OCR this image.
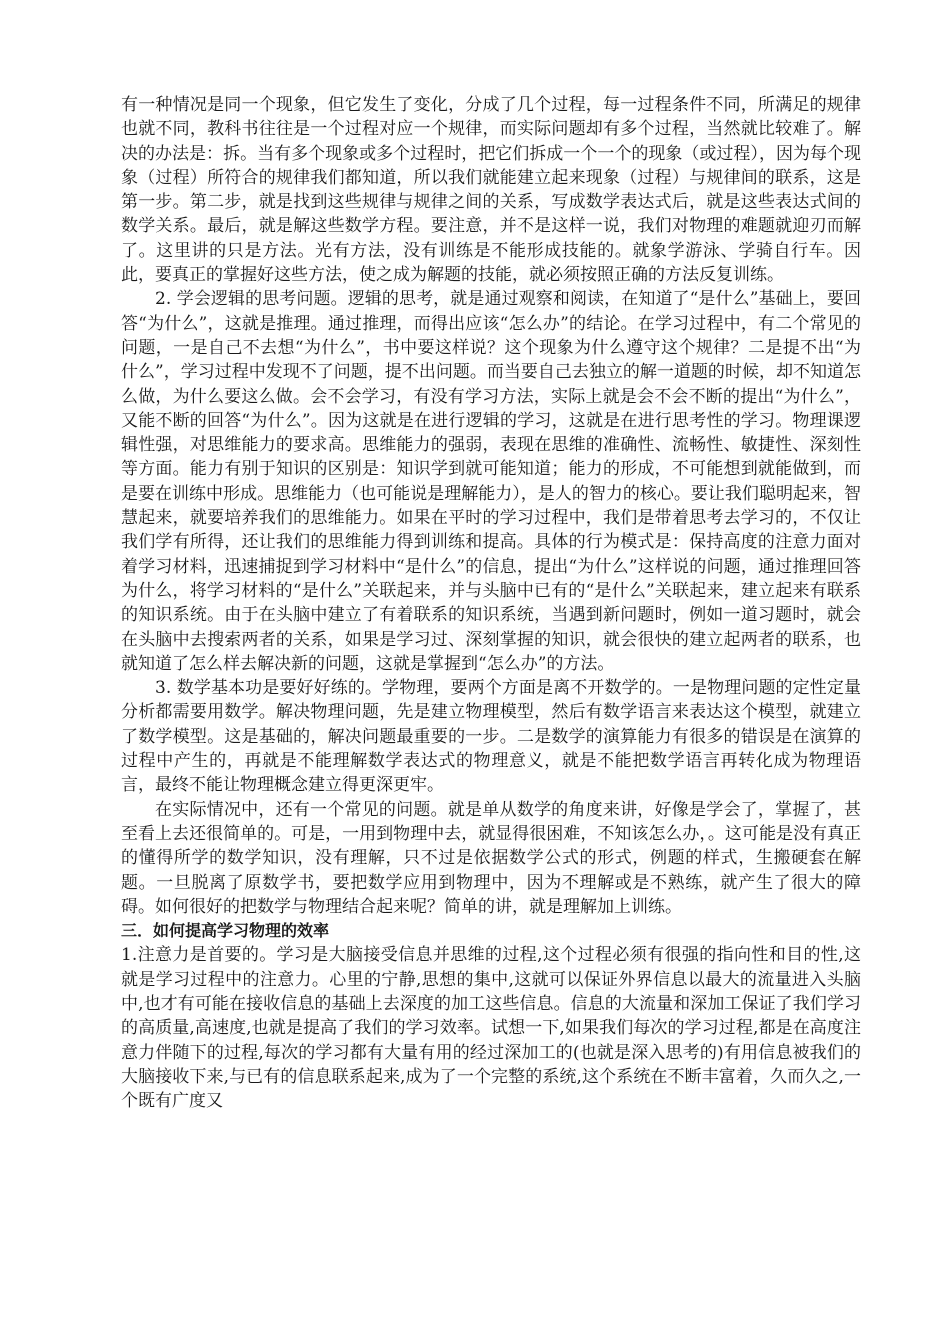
有一种情况是同一个现象，但它发生了变化，分成了几个过程，每一过程条件不同，所满足的规律也就不同，教科书往往是一个过程对应一个规律，而实际问题却有多个过程，当然就比较难了。解决的办法是：拆。当有多个现象或多个过程时，把它们拆成一个一个的现象（或过程），因为每个现象（过程）所符合的规律我们都知道，所以我们就能建立起来现象（过程）与规律间的联系，这是第一步。第二步，就是找到这些规律与规律之间的关系，写成数学表达式后，就是这些表达式间的数学关系。最后，就是解这些数学方程。要注意，并不是这样一说，我们对物理的难题就迎刃而解了。这里讲的只是方法。光有方法，没有训练是不能形成技能的。就象学游泳、学骑自行车。因此，要真正的掌握好这些方法，使之成为解题的技能，就必须按照正确的方法反复训练。

2. 学会逻辑的思考问题。逻辑的思考，就是通过观察和阅读，在知道了“是什么”基础上，要回答“为什么”，这就是推理。通过推理，而得出应该“怎么办”的结论。在学习过程中，有二个常见的问题，一是自己不去想“为什么”，书中要这样说？这个现象为什么遵守这个规律？二是提不出“为什么”，学习过程中发现不了问题，提不出问题。而当要自己去独立的解一道题的时候，却不知道怎么做，为什么要这么做。会不会学习，有没有学习方法，实际上就是会不会不断的提出“为什么”，又能不断的回答“为什么”。因为这就是在进行逻辑的学习，这就是在进行思考性的学习。物理课逻辑性强，对思维能力的要求高。思维能力的强弱，表现在思维的准确性、流畅性、敏捷性、深刻性等方面。能力有别于知识的区别是：知识学到就可能知道；能力的形成，不可能想到就能做到，而是要在训练中形成。思维能力（也可能说是理解能力），是人的智力的核心。要让我们聪明起来，智慧起来，就要培养我们的思维能力。如果在平时的学习过程中，我们是带着思考去学习的，不仅让我们学有所得，还让我们的思维能力得到训练和提高。具体的行为模式是：保持高度的注意力面对着学习材料，迅速捕捉到学习材料中“是什么”的信息，提出“为什么”这样说的问题，通过推理回答为什么，将学习材料的“是什么”关联起来，并与头脑中已有的“是什么”关联起来，建立起来有联系的知识系统。由于在头脑中建立了有着联系的知识系统，当遇到新问题时，例如一道习题时，就会在头脑中去搜索两者的关系，如果是学习过、深刻掌握的知识，就会很快的建立起两者的联系，也就知道了怎么样去解决新的问题，这就是掌握到“怎么办”的方法。

3. 数学基本功是要好好练的。学物理，要两个方面是离不开数学的。一是物理问题的定性定量分析都需要用数学。解决物理问题，先是建立物理模型，然后有数学语言来表达这个模型，就建立了数学模型。这是基础的，解决问题最重要的一步。二是数学的演算能力有很多的错误是在演算的过程中产生的，再就是不能理解数学表达式的物理意义，就是不能把数学语言再转化成为物理语言，最终不能让物理概念建立得更深更牢。

在实际情况中，还有一个常见的问题。就是单从数学的角度来讲，好像是学会了，掌握了，甚至看上去还很简单的。可是，一用到物理中去，就显得很困难，不知该怎么办，。这可能是没有真正的懂得所学的数学知识，没有理解，只不过是依据数学公式的形式，例题的样式，生搬硬套在解题。一旦脱离了原数学书，要把数学应用到物理中，因为不理解或是不熟练，就产生了很大的障碍。如何很好的把数学与物理结合起来呢？简单的讲，就是理解加上训练。

三．如何提高学习物理的效率

1.注意力是首要的。学习是大脑接受信息并思维的过程,这个过程必须有很强的指向性和目的性,这就是学习过程中的注意力。心里的宁静,思想的集中,这就可以保证外界信息以最大的流量进入头脑中,也才有可能在接收信息的基础上去深度的加工这些信息。信息的大流量和深加工保证了我们学习的高质量,高速度,也就是提高了我们的学习效率。试想一下,如果我们每次的学习过程,都是在高度注意力伴随下的过程,每次的学习都有大量有用的经过深加工的(也就是深入思考的)有用信息被我们的大脑接收下来,与已有的信息联系起来,成为了一个完整的系统,这个系统在不断丰富着，久而久之,一个既有广度又
